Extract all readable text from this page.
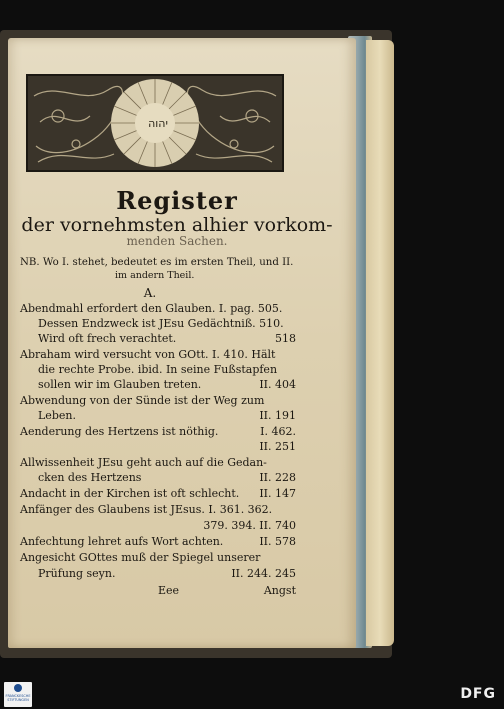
יהוה

Register

der vornehmsten alhier vorkom-

menden Sachen.

NB. Wo I. stehet, bedeutet es im ersten Theil, und II.
im andern Theil.
A.
Abendmahl erfordert den Glauben. I. pag. 505.
Dessen Endzweck ist JEsu Gedächtniß. 510.
Wird oft frech verachtet.	518
Abraham wird versucht von GOtt. I. 410. Hält
die rechte Probe. ibid. In seine Fußstapfen
sollen wir im Glauben treten.	II. 404
Abwendung von der Sünde ist der Weg zum
Leben.	II. 191
Aenderung des Hertzens ist nöthig.	I. 462.
II. 251
Allwissenheit JEsu geht auch auf die Gedan-
cken des Hertzens	II. 228
Andacht in der Kirchen ist oft schlecht. II. 147
Anfänger des Glaubens ist JEsus. I. 361. 362.
379. 394. II. 740
Anfechtung lehret aufs Wort achten.	II. 578
Angesicht GOttes muß der Spiegel unserer
Prüfung seyn.	II. 244. 245
Eee	Angst
FRANCKESCHE STIFTUNGEN	DFG
